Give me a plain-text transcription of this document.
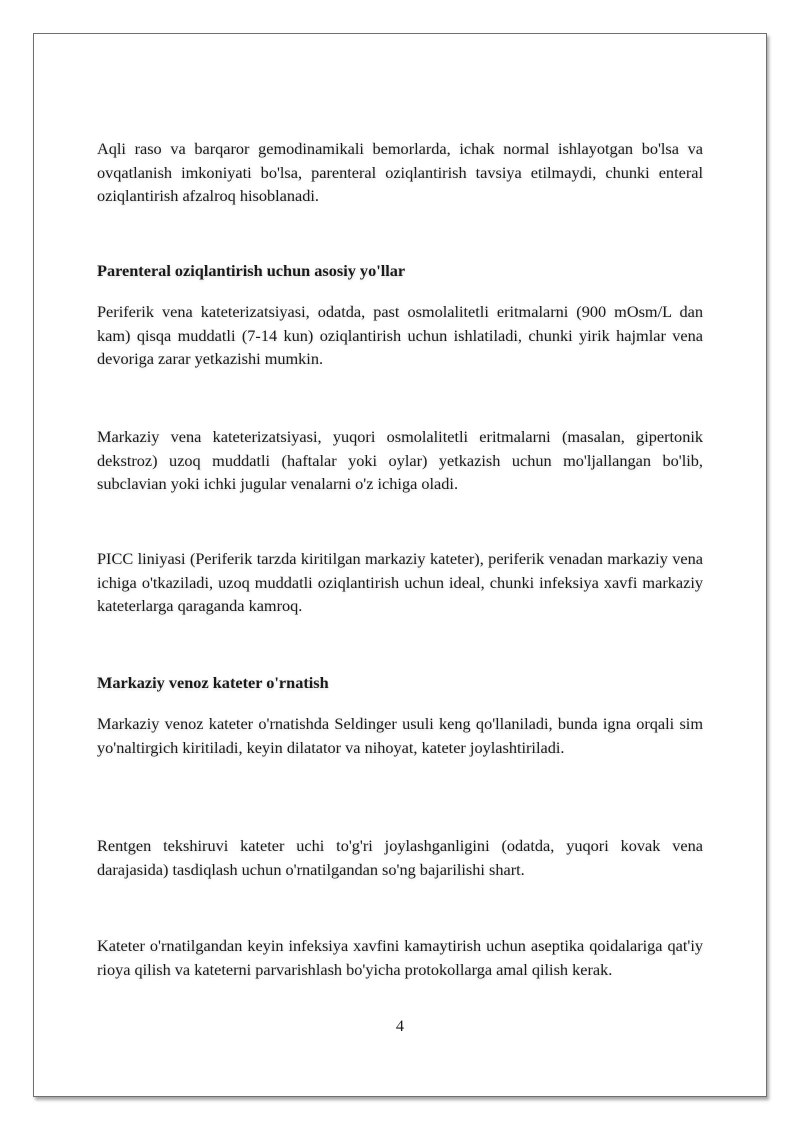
Aqli raso va barqaror gemodinamikali bemorlarda, ichak normal ishlayotgan bo'lsa va ovqatlanish imkoniyati bo'lsa, parenteral oziqlantirish tavsiya etilmaydi, chunki enteral oziqlantirish afzalroq hisoblanadi.

Parenteral oziqlantirish uchun asosiy yo'llar

Periferik vena kateterizatsiyasi, odatda, past osmolalitetli eritmalarni (900 mOsm/L dan kam) qisqa muddatli (7-14 kun) oziqlantirish uchun ishlatiladi, chunki yirik hajmlar vena devoriga zarar yetkazishi mumkin.

Markaziy vena kateterizatsiyasi, yuqori osmolalitetli eritmalarni (masalan, gipertonik dekstroz) uzoq muddatli (haftalar yoki oylar) yetkazish uchun mo'ljallangan bo'lib, subclavian yoki ichki jugular venalarni o'z ichiga oladi.

PICC liniyasi (Periferik tarzda kiritilgan markaziy kateter), periferik venadan markaziy vena ichiga o'tkaziladi, uzoq muddatli oziqlantirish uchun ideal, chunki infeksiya xavfi markaziy kateterlarga qaraganda kamroq.

Markaziy venoz kateter o'rnatish

Markaziy venoz kateter o'rnatishda Seldinger usuli keng qo'llaniladi, bunda igna orqali sim yo'naltirgich kiritiladi, keyin dilatator va nihoyat, kateter joylashtiriladi.

Rentgen tekshiruvi kateter uchi to'g'ri joylashganligini (odatda, yuqori kovak vena darajasida) tasdiqlash uchun o'rnatilgandan so'ng bajarilishi shart.

Kateter o'rnatilgandan keyin infeksiya xavfini kamaytirish uchun aseptika qoidalariga qat'iy rioya qilish va kateterni parvarishlash bo'yicha protokollarga amal qilish kerak.

4
